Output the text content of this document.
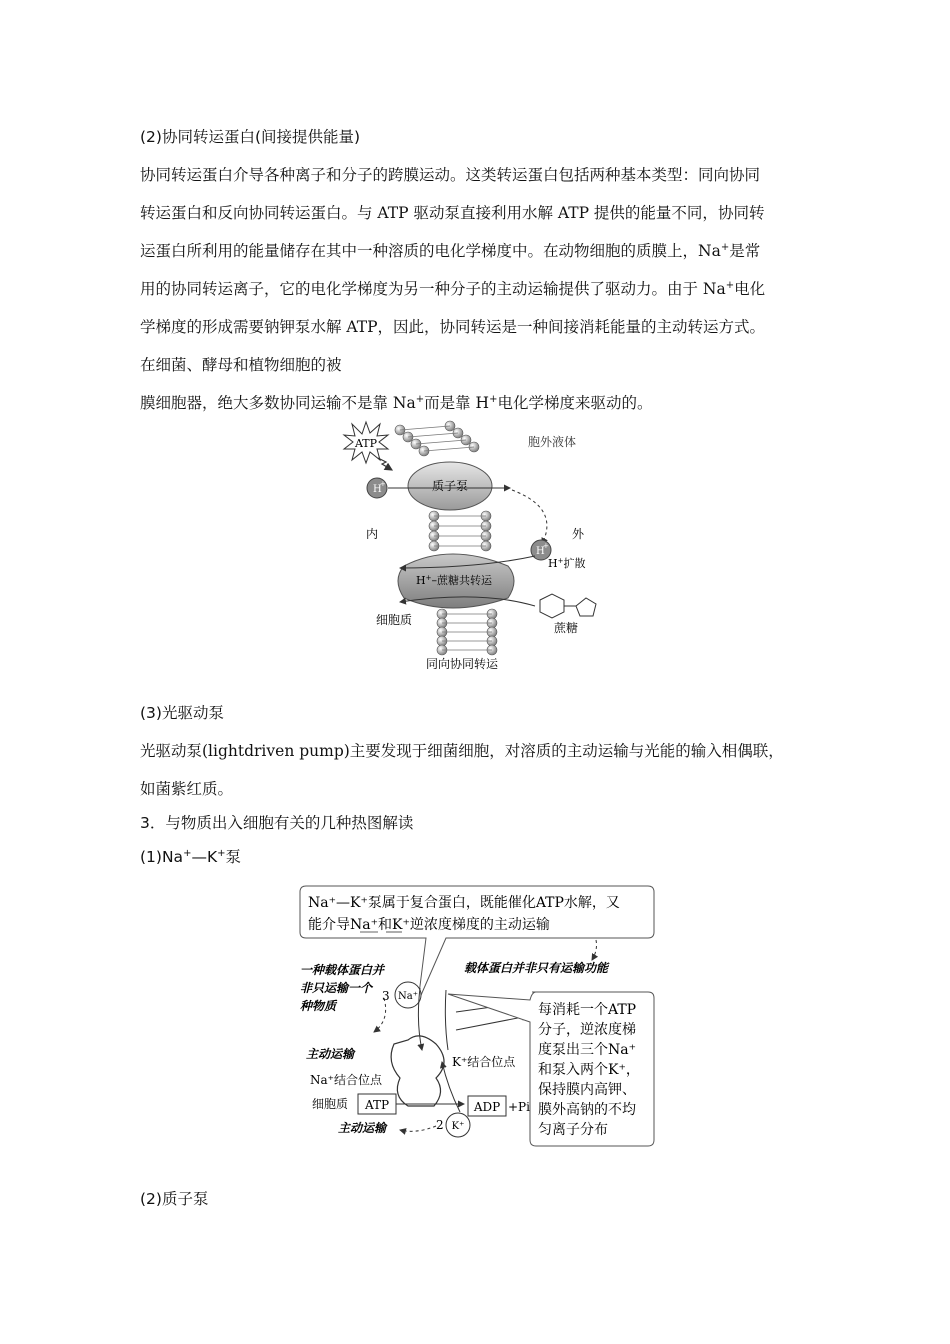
(2)协同转运蛋白(间接提供能量)

协同转运蛋白介导各种离子和分子的跨膜运动。这类转运蛋白包括两种基本类型：同向协同

转运蛋白和反向协同转运蛋白。与 ATP 驱动泵直接利用水解 ATP 提供的能量不同，协同转

运蛋白所利用的能量储存在其中一种溶质的电化学梯度中。在动物细胞的质膜上，Na+是常

用的协同转运离子，它的电化学梯度为另一种分子的主动运输提供了驱动力。由于 Na+电化

学梯度的形成需要钠钾泵水解 ATP，因此，协同转运是一种间接消耗能量的主动转运方式。

在细菌、酵母和植物细胞的被

膜细胞器，绝大多数协同运输不是靠 Na+而是靠 H+电化学梯度来驱动的。

ATP	胞外液体
质子泵
H
+
内	外
H
+
H+扩散
H+–蔗糖共转运
细胞质
蔗糖
同向协同转运

(3)光驱动泵

光驱动泵(lightdriven pump)主要发现于细菌细胞，对溶质的主动运输与光能的输入相偶联，

如菌紫红质。

3．与物质出入细胞有关的几种热图解读
(1)Na+—K+泵
Na⁺—K⁺泵属于复合蛋白，既能催化ATP水解，又
能介导Na⁺和K⁺逆浓度梯度的主动运输
载体蛋白并非只有运输功能
一种载体蛋白并
非只运输一个
种物质
3 Na⁺
主动运输
K⁺结合位点
Na⁺结合位点
细胞质 ATP	ADP +Pi
主动运输	2 K⁺
每消耗一个ATP
分子，逆浓度梯
度泵出三个Na⁺
和泵入两个K⁺，
保持膜内高钾、
膜外高钠的不均
匀离子分布
(2)质子泵
